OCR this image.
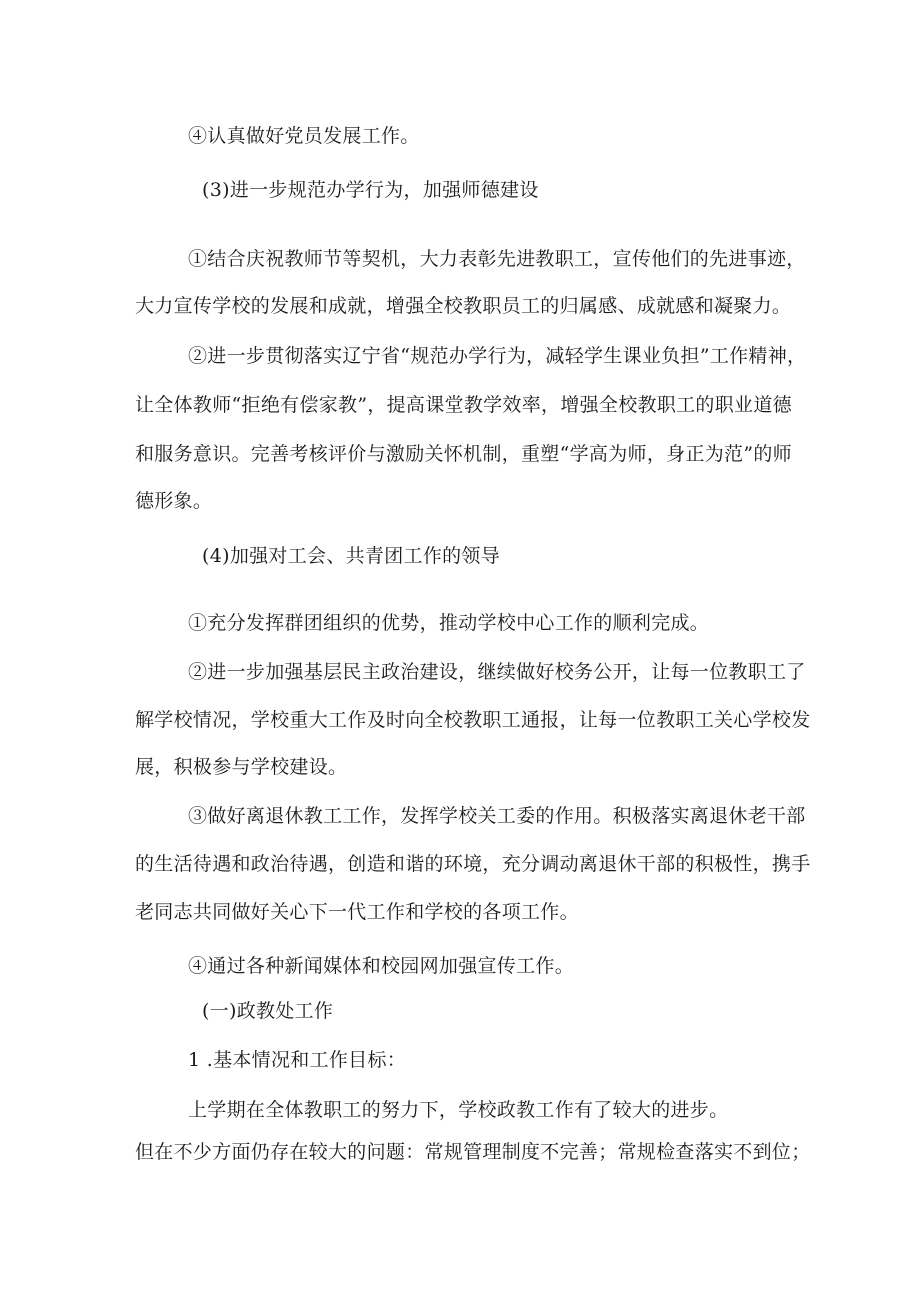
④认真做好党员发展工作。
(3)进一步规范办学行为，加强师德建设
①结合庆祝教师节等契机，大力表彰先进教职工，宣传他们的先进事迹，
大力宣传学校的发展和成就，增强全校教职员工的归属感、成就感和凝聚力。
②进一步贯彻落实辽宁省“规范办学行为，减轻学生课业负担”工作精神，
让全体教师“拒绝有偿家教”，提高课堂教学效率，增强全校教职工的职业道德
和服务意识。完善考核评价与激励关怀机制，重塑“学高为师，身正为范”的师
德形象。
(4)加强对工会、共青团工作的领导
①充分发挥群团组织的优势，推动学校中心工作的顺利完成。
②进一步加强基层民主政治建设，继续做好校务公开，让每一位教职工了
解学校情况，学校重大工作及时向全校教职工通报，让每一位教职工关心学校发
展，积极参与学校建设。
③做好离退休教工工作，发挥学校关工委的作用。积极落实离退休老干部
的生活待遇和政治待遇，创造和谐的环境，充分调动离退休干部的积极性，携手
老同志共同做好关心下一代工作和学校的各项工作。
④通过各种新闻媒体和校园网加强宣传工作。
(一)政教处工作
1 .基本情况和工作目标：
上学期在全体教职工的努力下，学校政教工作有了较大的进步。
但在不少方面仍存在较大的问题：常规管理制度不完善；常规检查落实不到位；
